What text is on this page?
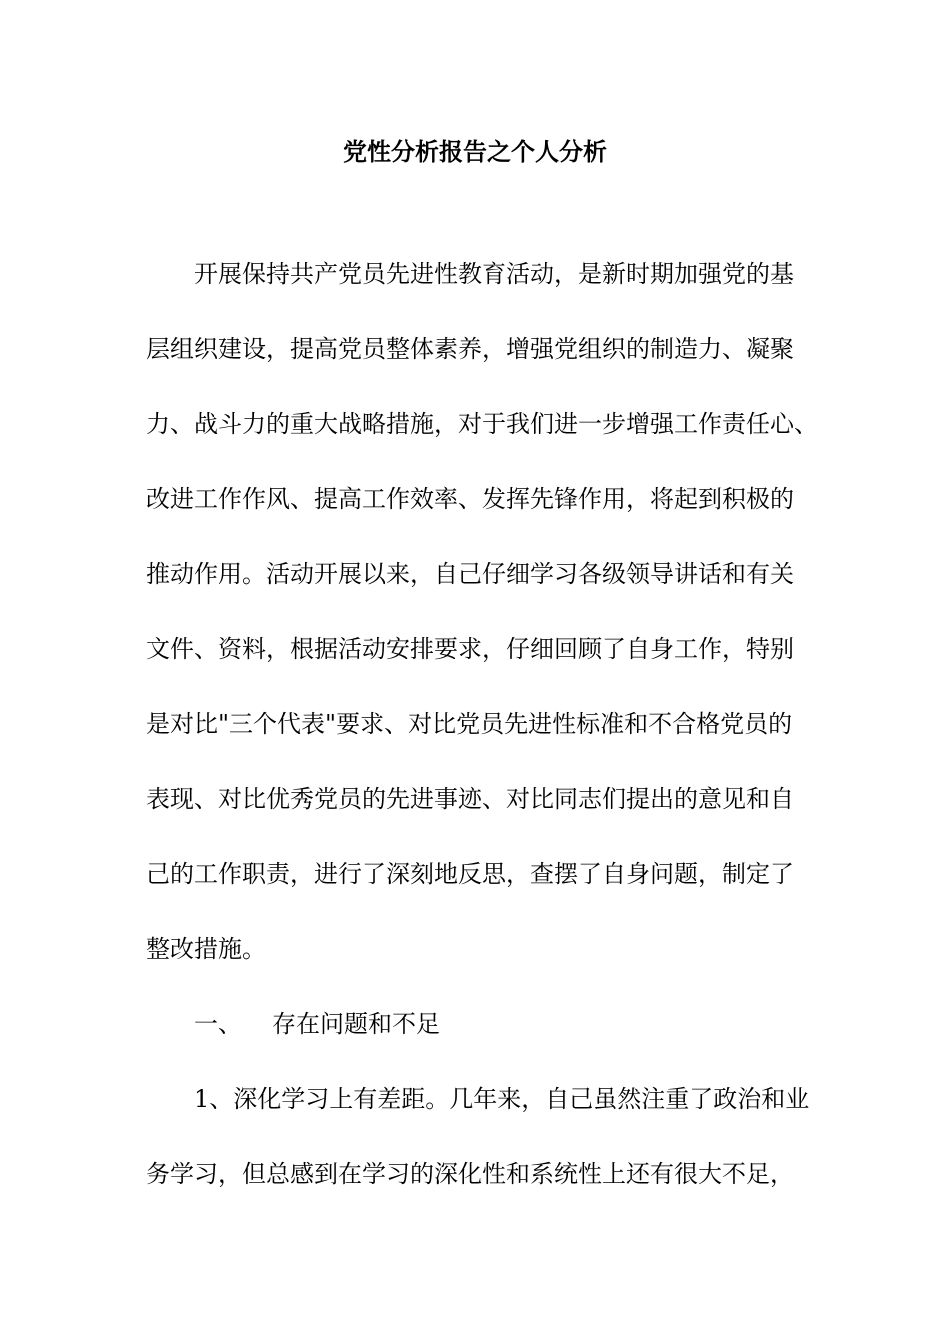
党性分析报告之个人分析
开展保持共产党员先进性教育活动，是新时期加强党的基
层组织建设，提高党员整体素养，增强党组织的制造力、凝聚
力、战斗力的重大战略措施，对于我们进一步增强工作责任心、
改进工作作风、提高工作效率、发挥先锋作用，将起到积极的
推动作用。活动开展以来，自己仔细学习各级领导讲话和有关
文件、资料，根据活动安排要求，仔细回顾了自身工作，特别
是对比"三个代表"要求、对比党员先进性标准和不合格党员的
表现、对比优秀党员的先进事迹、对比同志们提出的意见和自
己的工作职责，进行了深刻地反思，查摆了自身问题，制定了
整改措施。
一、 存在问题和不足
1、深化学习上有差距。几年来，自己虽然注重了政治和业
务学习，但总感到在学习的深化性和系统性上还有很大不足，
